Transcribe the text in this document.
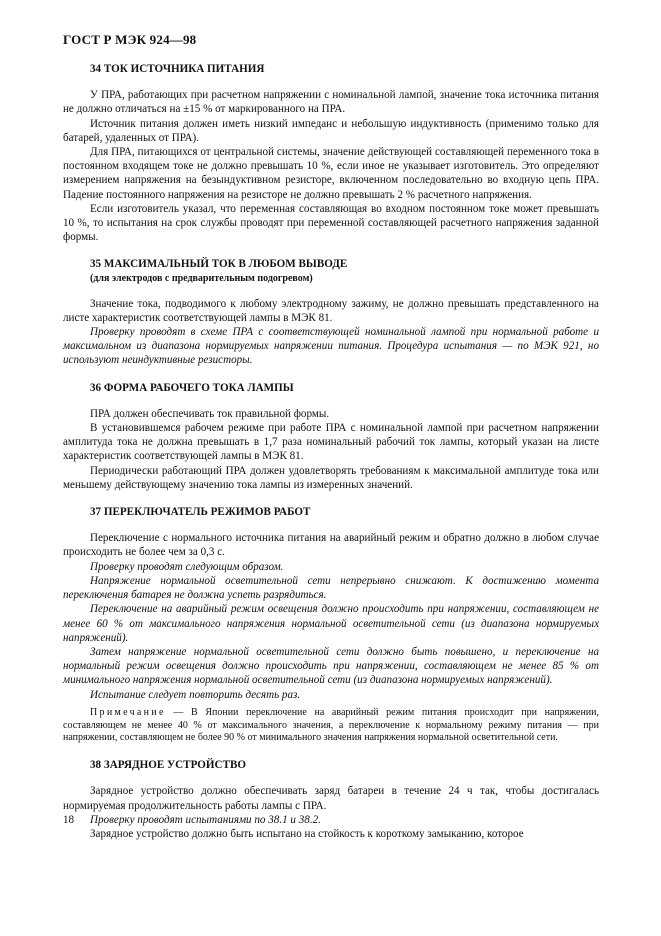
ГОСТ Р МЭК 924—98
34 ТОК ИСТОЧНИКА ПИТАНИЯ

У ПРА, работающих при расчетном напряжении с номинальной лампой, значение тока источника питания не должно отличаться на ±15 % от маркированного на ПРА.

Источник питания должен иметь низкий импеданс и небольшую индуктивность (применимо только для батарей, удаленных от ПРА).

Для ПРА, питающихся от центральной системы, значение действующей составляющей переменного тока в постоянном входящем токе не должно превышать 10 %, если иное не указывает изготовитель. Это определяют измерением напряжения на безындуктивном резисторе, включенном последовательно во входную цепь ПРА. Падение постоянного напряжения на резисторе не должно превышать 2 % расчетного напряжения.

Если изготовитель указал, что переменная составляющая во входном постоянном токе может превышать 10 %, то испытания на срок службы проводят при переменной составляющей расчетного напряжения заданной формы.

35 МАКСИМАЛЬНЫЙ ТОК В ЛЮБОМ ВЫВОДЕ
(для электродов с предварительным подогревом)

Значение тока, подводимого к любому электродному зажиму, не должно превышать представленного на листе характеристик соответствующей лампы в МЭК 81.

Проверку проводят в схеме ПРА с соответствующей номинальной лампой при нормальной работе и максимальном из диапазона нормируемых напряжении питания. Процедура испытания — по МЭК 921, но используют неиндуктивные резисторы.

36 ФОРМА РАБОЧЕГО ТОКА ЛАМПЫ

ПРА должен обеспечивать ток правильной формы.

В установившемся рабочем режиме при работе ПРА с номинальной лампой при расчетном напряжении амплитуда тока не должна превышать в 1,7 раза номинальный рабочий ток лампы, который указан на листе характеристик соответствующей лампы в МЭК 81.

Периодически работающий ПРА должен удовлетворять требованиям к максимальной амплитуде тока или меньшему действующему значению тока лампы из измеренных значений.

37 ПЕРЕКЛЮЧАТЕЛЬ РЕЖИМОВ РАБОТ

Переключение с нормального источника питания на аварийный режим и обратно должно в любом случае происходить не более чем за 0,3 с.

Проверку проводят следующим образом.

Напряжение нормальной осветительной сети непрерывно снижают. К достижению момента переключения батарея не должна успеть разрядиться.

Переключение на аварийный режим освещения должно происходить при напряжении, составляющем не менее 60 % от максимального напряжения нормальной осветительной сети (из диапазона нормируемых напряжений).

Затем напряжение нормальной осветительной сети должно быть повышено, и переключение на нормальный режим освещения должно происходить при напряжении, составляющем не менее 85 % от минимального напряжения нормальной осветительной сети (из диапазона нормируемых напряжений).

Испытание следует повторить десять раз.

Примечание — В Японии переключение на аварийный режим питания происходит при напряжении, составляющем не менее 40 % от максимального значения, а переключение к нормальному режиму питания — при напряжении, составляющем не более 90 % от минимального значения напряжения нормальной осветительной сети.

38 ЗАРЯДНОЕ УСТРОЙСТВО

Зарядное устройство должно обеспечивать заряд батареи в течение 24 ч так, чтобы достигалась нормируемая продолжительность работы лампы с ПРА.

Проверку проводят испытаниями по 38.1 и 38.2.

Зарядное устройство должно быть испытано на стойкость к короткому замыканию, которое

18
